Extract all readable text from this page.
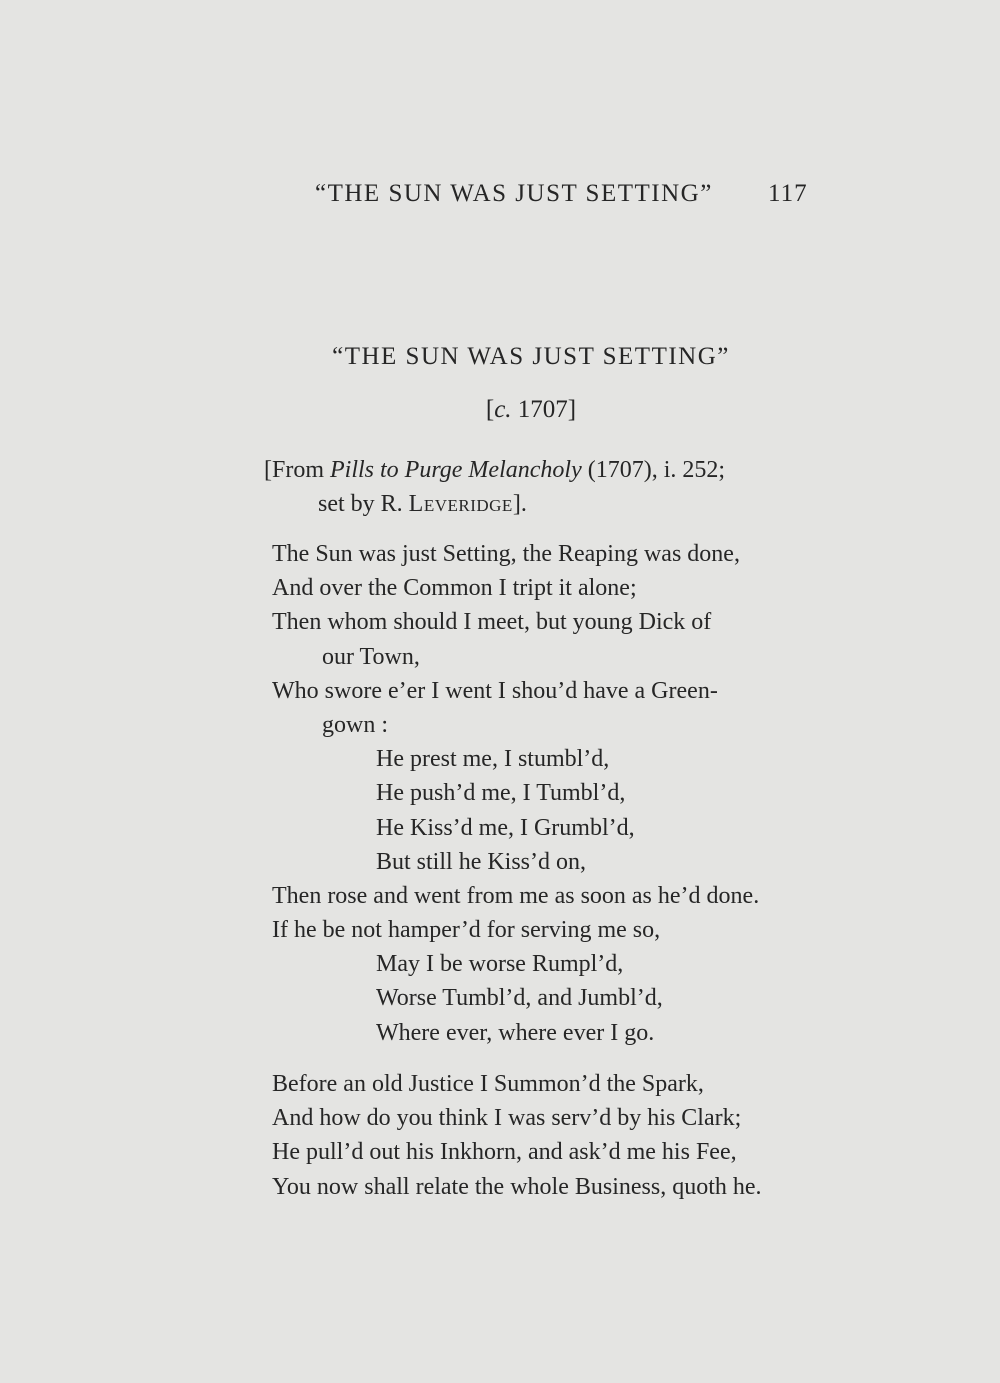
“THE SUN WAS JUST SETTING” 117
“THE SUN WAS JUST SETTING”
[c. 1707]
[From Pills to Purge Melancholy (1707), i. 252;
set by R. Leveridge].
The Sun was just Setting, the Reaping was done,
And over the Common I tript it alone;
Then whom should I meet, but young Dick of
our Town,
Who swore e’er I went I shou’d have a Green-
gown :
He prest me, I stumbl’d,
He push’d me, I Tumbl’d,
He Kiss’d me, I Grumbl’d,
But still he Kiss’d on,
Then rose and went from me as soon as he’d done.
If he be not hamper’d for serving me so,
May I be worse Rumpl’d,
Worse Tumbl’d, and Jumbl’d,
Where ever, where ever I go.
Before an old Justice I Summon’d the Spark,
And how do you think I was serv’d by his Clark;
He pull’d out his Inkhorn, and ask’d me his Fee,
You now shall relate the whole Business, quoth he.
